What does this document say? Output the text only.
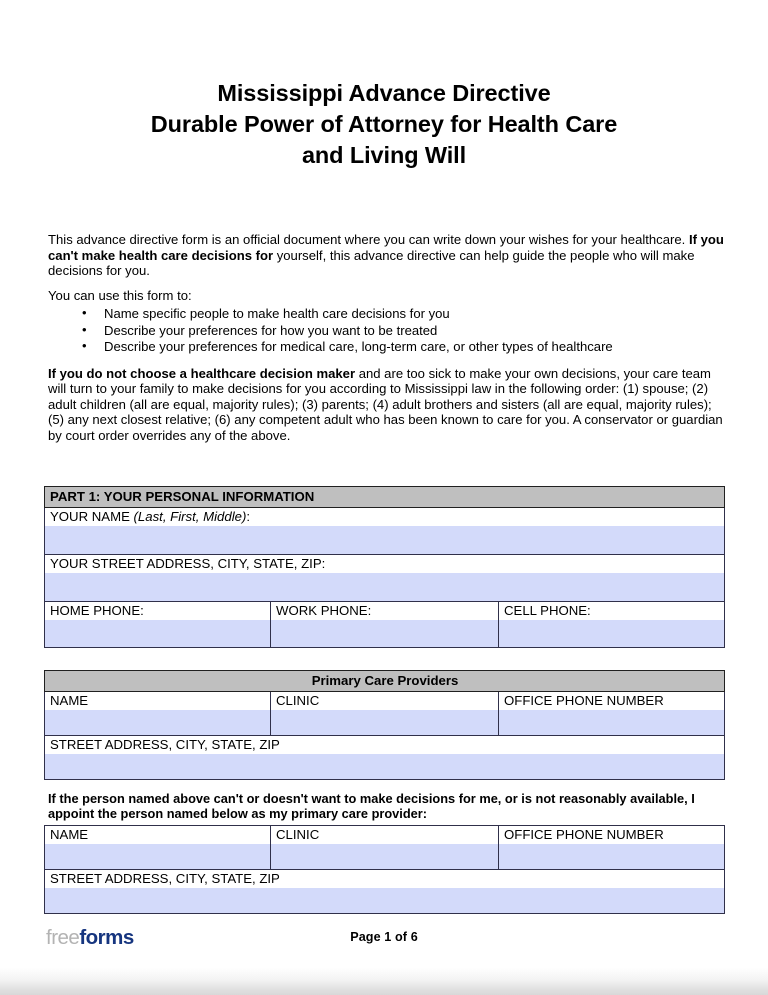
Mississippi Advance Directive
Durable Power of Attorney for Health Care
and Living Will

This advance directive form is an official document where you can write down your wishes for your healthcare. If you can't make health care decisions for yourself, this advance directive can help guide the people who will make decisions for you.

You can use this form to:

• Name specific people to make health care decisions for you
• Describe your preferences for how you want to be treated
• Describe your preferences for medical care, long-term care, or other types of healthcare

If you do not choose a healthcare decision maker and are too sick to make your own decisions, your care team will turn to your family to make decisions for you according to Mississippi law in the following order: (1) spouse; (2) adult children (all are equal, majority rules); (3) parents; (4) adult brothers and sisters (all are equal, majority rules); (5) any next closest relative; (6) any competent adult who has been known to care for you. A conservator or guardian by court order overrides any of the above.

PART 1: YOUR PERSONAL INFORMATION

YOUR NAME (Last, First, Middle):

YOUR STREET ADDRESS, CITY, STATE, ZIP:

HOME PHONE:	WORK PHONE:	CELL PHONE:
Primary Care Providers

NAME	CLINIC	OFFICE PHONE NUMBER

STREET ADDRESS, CITY, STATE, ZIP
If the person named above can't or doesn't want to make decisions for me, or is not reasonably available, I appoint the person named below as my primary care provider:
NAME	CLINIC	OFFICE PHONE NUMBER

STREET ADDRESS, CITY, STATE, ZIP
freeforms	Page 1 of 6
